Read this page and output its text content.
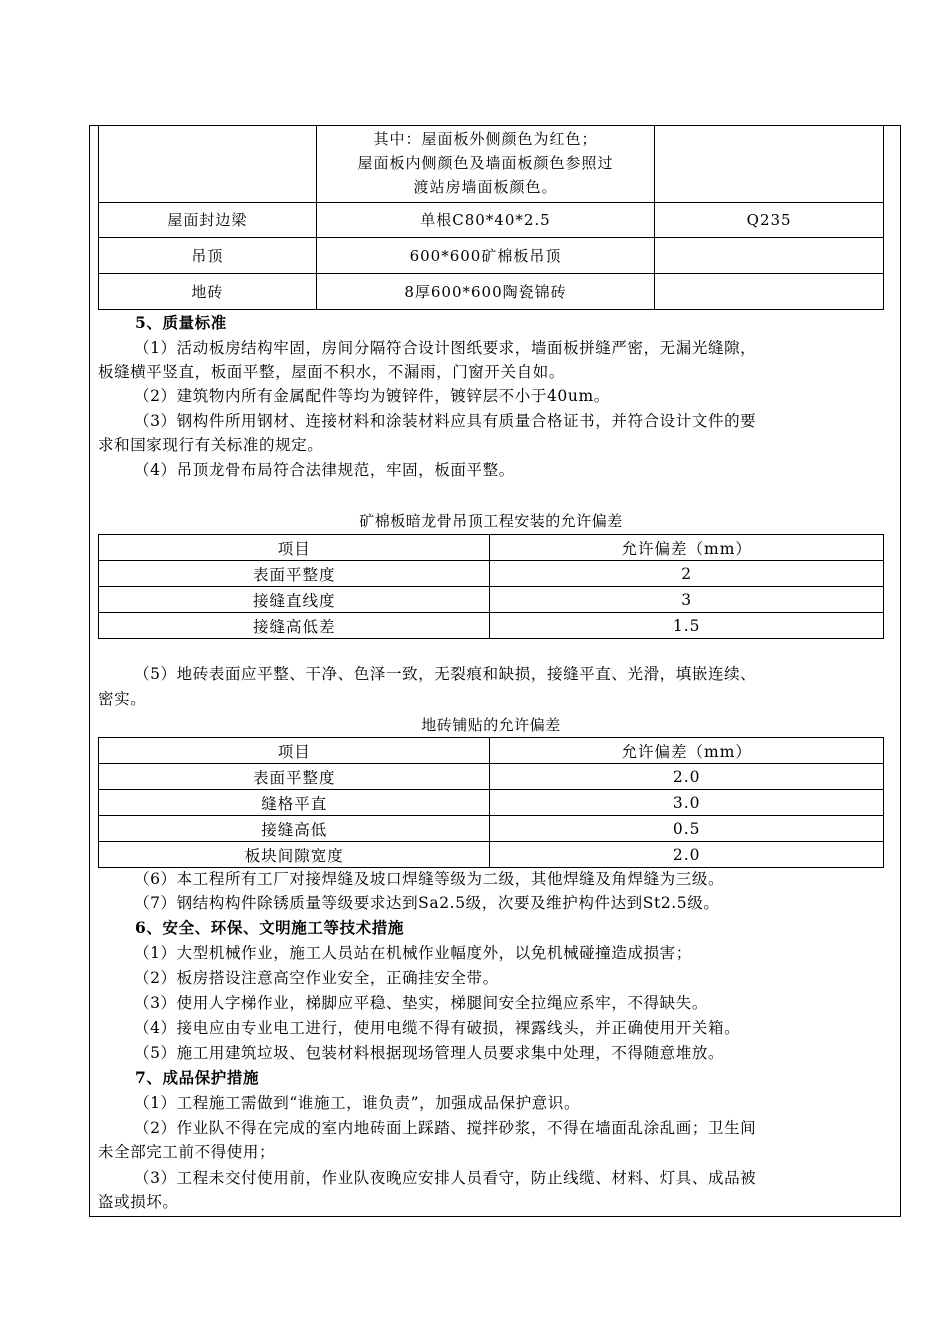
	其中：屋面板外侧颜色为红色；
屋面板内侧颜色及墙面板颜色参照过
渡站房墙面板颜色。	

屋面封边梁	单根C80*40*2.5	Q235
吊顶	600*600矿棉板吊顶	
地砖	8厚600*600陶瓷锦砖	
5、质量标准
（1）活动板房结构牢固，房间分隔符合设计图纸要求，墙面板拼缝严密，无漏光缝隙，
板缝横平竖直，板面平整，屋面不积水，不漏雨，门窗开关自如。
（2）建筑物内所有金属配件等均为镀锌件，镀锌层不小于40um。
（3）钢构件所用钢材、连接材料和涂装材料应具有质量合格证书，并符合设计文件的要
求和国家现行有关标准的规定。
（4）吊顶龙骨布局符合法律规范，牢固，板面平整。
矿棉板暗龙骨吊顶工程安装的允许偏差
项目	允许偏差（mm）
表面平整度	2
接缝直线度	3
接缝高低差	1.5
（5）地砖表面应平整、干净、色泽一致，无裂痕和缺损，接缝平直、光滑，填嵌连续、
密实。
地砖铺贴的允许偏差
项目	允许偏差（mm）
表面平整度	2.0
缝格平直	3.0
接缝高低	0.5
板块间隙宽度	2.0
（6）本工程所有工厂对接焊缝及坡口焊缝等级为二级，其他焊缝及角焊缝为三级。
（7）钢结构构件除锈质量等级要求达到Sa2.5级，次要及维护构件达到St2.5级。
6、安全、环保、文明施工等技术措施
（1）大型机械作业，施工人员站在机械作业幅度外，以免机械碰撞造成损害；
（2）板房搭设注意高空作业安全，正确挂安全带。
（3）使用人字梯作业，梯脚应平稳、垫实，梯腿间安全拉绳应系牢，不得缺失。
（4）接电应由专业电工进行，使用电缆不得有破损，裸露线头，并正确使用开关箱。
（5）施工用建筑垃圾、包装材料根据现场管理人员要求集中处理，不得随意堆放。
7、成品保护措施
（1）工程施工需做到“谁施工，谁负责”，加强成品保护意识。
（2）作业队不得在完成的室内地砖面上踩踏、搅拌砂浆，不得在墙面乱涂乱画；卫生间
未全部完工前不得使用；
（3）工程未交付使用前，作业队夜晚应安排人员看守，防止线缆、材料、灯具、成品被
盗或损坏。
